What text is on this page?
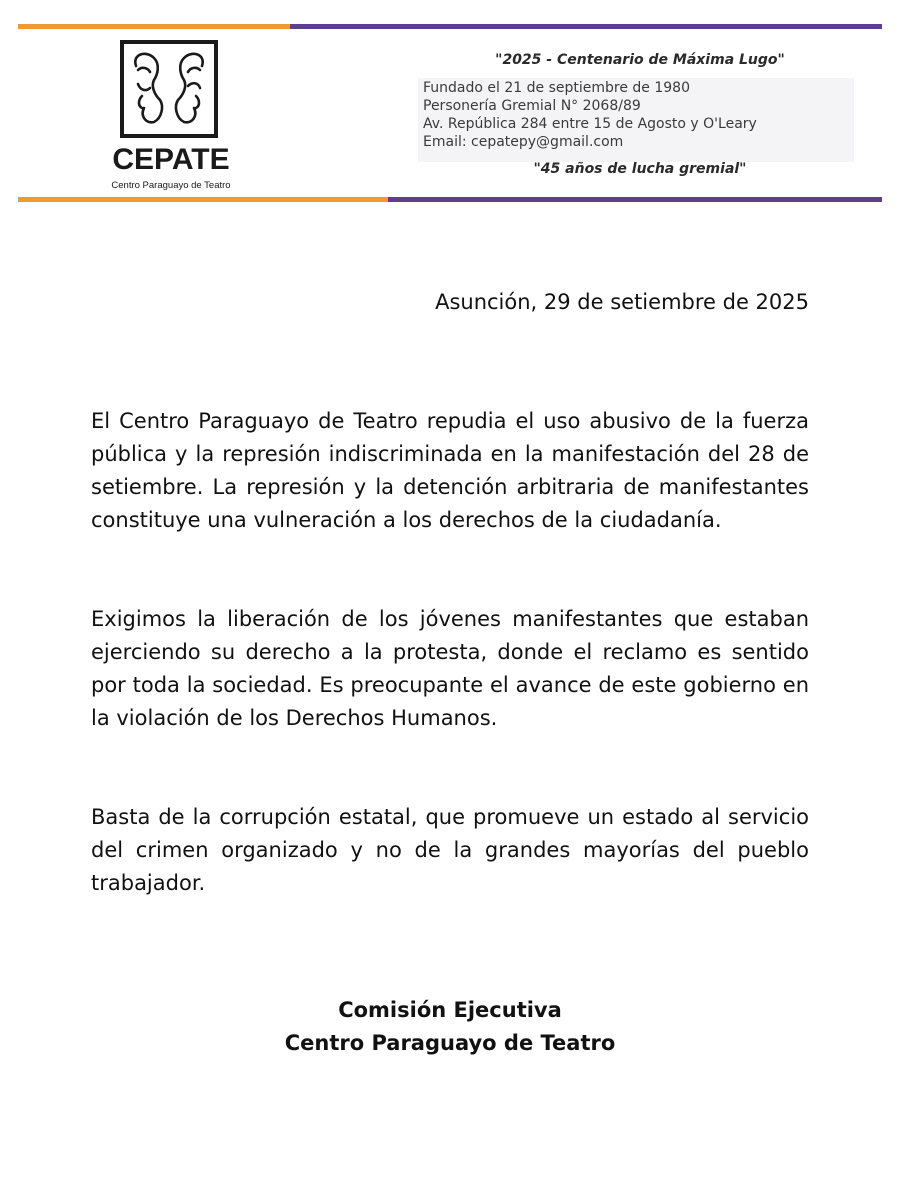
CEPATE
Centro Paraguayo de Teatro
"2025 - Centenario de Máxima Lugo"
Fundado el 21 de septiembre de 1980
Personería Gremial N° 2068/89
Av. República 284 entre 15 de Agosto y O'Leary
Email: cepatepy@gmail.com
"45 años de lucha gremial"
Asunción, 29 de setiembre de 2025

El Centro Paraguayo de Teatro repudia el uso abusivo de la fuerza pública y la represión indiscriminada en la manifestación del 28 de setiembre. La represión y la detención arbitraria de manifestantes constituye una vulneración a los derechos de la ciudadanía.

Exigimos la liberación de los jóvenes manifestantes que estaban ejerciendo su derecho a la protesta, donde el reclamo es sentido por toda la sociedad. Es preocupante el avance de este gobierno en la violación de los Derechos Humanos.

Basta de la corrupción estatal, que promueve un estado al servicio del crimen organizado y no de la grandes mayorías del pueblo trabajador.

Comisión Ejecutiva
Centro Paraguayo de Teatro
